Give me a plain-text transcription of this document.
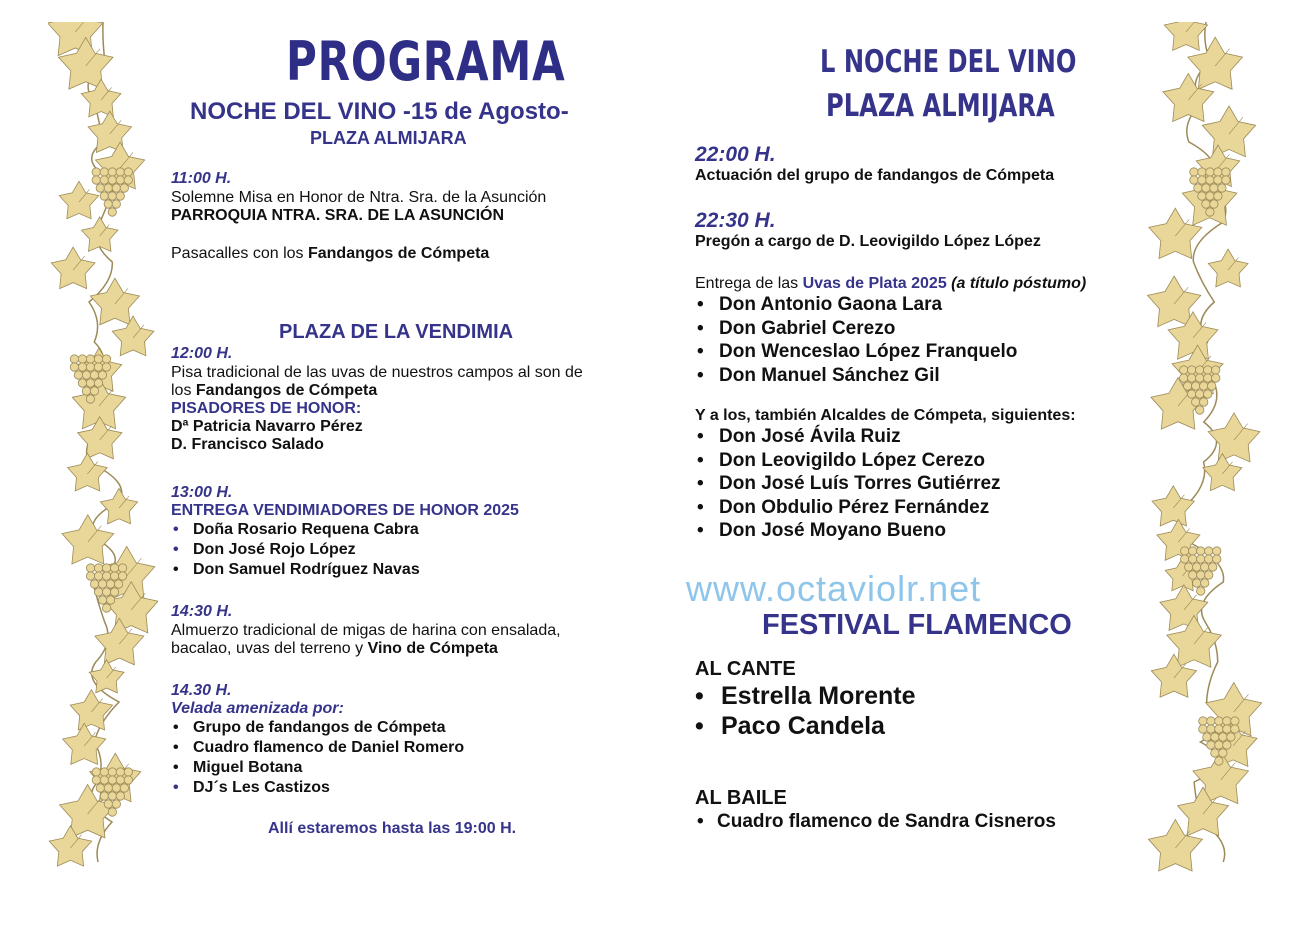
PROGRAMA
NOCHE DEL VINO -15 de Agosto-
PLAZA ALMIJARA
11:00 H.
Solemne Misa en Honor de Ntra. Sra. de la Asunción
PARROQUIA NTRA. SRA. DE LA ASUNCIÓN
Pasacalles con los Fandangos de Cómpeta
PLAZA DE LA VENDIMIA
12:00 H.
Pisa tradicional de las uvas de nuestros campos al son de
los Fandangos de Cómpeta
PISADORES DE HONOR:
Dª Patricia Navarro Pérez
D. Francisco Salado
13:00 H.
ENTREGA VENDIMIADORES DE HONOR 2025
• Doña Rosario Requena Cabra
• Don José Rojo López
• Don Samuel Rodríguez Navas
14:30 H.
Almuerzo tradicional de migas de harina con ensalada,
bacalao, uvas del terreno y Vino de Cómpeta
14.30 H.
Velada amenizada por:
• Grupo de fandangos de Cómpeta
• Cuadro flamenco de Daniel Romero
• Miguel Botana
• DJ´s Les Castizos
Allí estaremos hasta las 19:00 H.
L NOCHE DEL VINO
PLAZA ALMIJARA
22:00 H.
Actuación del grupo de fandangos de Cómpeta
22:30 H.
Pregón a cargo de D. Leovigildo López López
Entrega de las Uvas de Plata 2025 (a título póstumo)
• Don Antonio Gaona Lara
• Don Gabriel Cerezo
• Don Wenceslao López Franquelo
• Don Manuel Sánchez Gil
Y a los, también Alcaldes de Cómpeta, siguientes:
• Don José Ávila Ruiz
• Don Leovigildo López Cerezo
• Don José Luís Torres Gutiérrez
• Don Obdulio Pérez Fernández
• Don José Moyano Bueno
www.octaviolr.net
FESTIVAL FLAMENCO
AL CANTE
• Estrella Morente
• Paco Candela
AL BAILE
• Cuadro flamenco de Sandra Cisneros
